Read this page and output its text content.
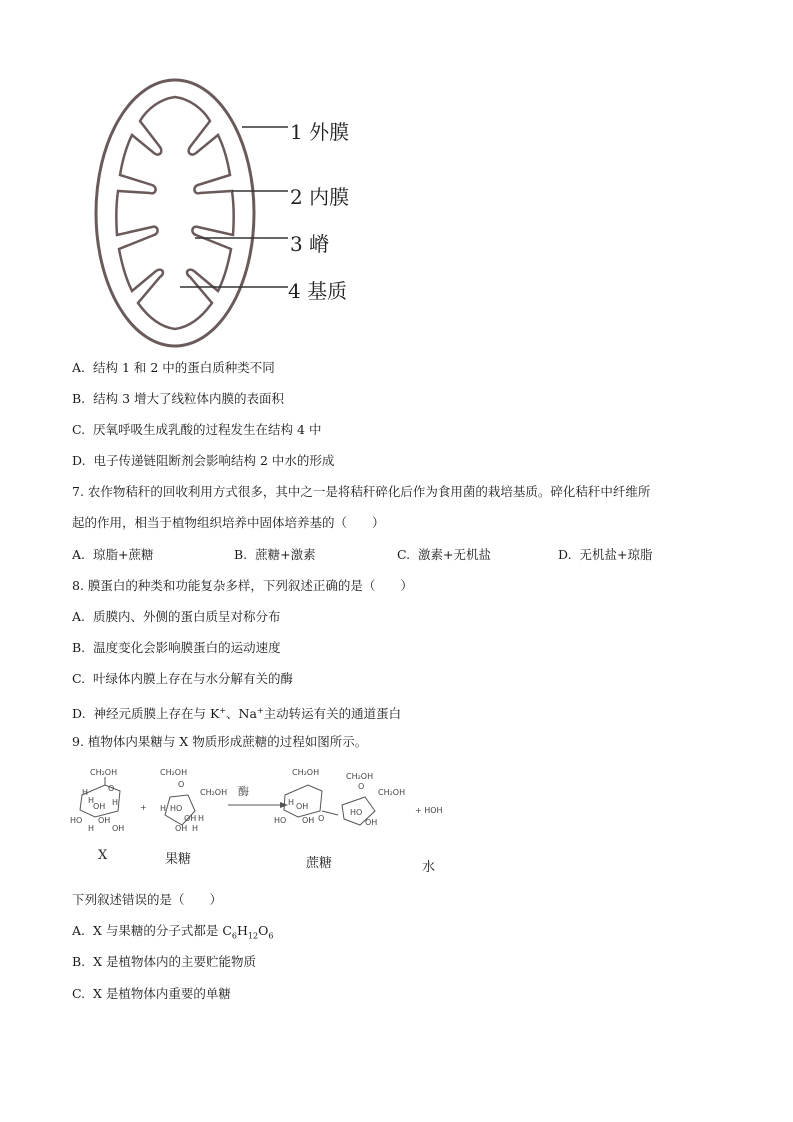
1 外膜
2 内膜
3 嵴
4 基质
A. 结构 1 和 2 中的蛋白质种类不同
B. 结构 3 增大了线粒体内膜的表面积
C. 厌氧呼吸生成乳酸的过程发生在结构 4 中
D. 电子传递链阻断剂会影响结构 2 中水的形成
7. 农作物秸秆的回收利用方式很多，其中之一是将秸秆碎化后作为食用菌的栽培基质。碎化秸秆中纤维所
起的作用，相当于植物组织培养中固体培养基的（　　）
A. 琼脂+蔗糖	B. 蔗糖+激素	C. 激素+无机盐	D. 无机盐+琼脂
8. 膜蛋白的种类和功能复杂多样，下列叙述正确的是（　　）
A. 质膜内、外侧的蛋白质呈对称分布
B. 温度变化会影响膜蛋白的运动速度
C. 叶绿体内膜上存在与水分解有关的酶
D. 神经元质膜上存在与 K+、Na+主动转运有关的通道蛋白
9. 植物体内果糖与 X 物质形成蔗糖的过程如图所示。
CH₂OH
O
H
H
OH H
HO OH
H OH
+
CH₂OH
O
CH₂OH
H HO
OH H
OH H
酶
CH₂OH
H OH
HO OH O
CH₂OH
O
CH₂OH
HO
OH
+ HOH
X	果糖	蔗糖	水
下列叙述错误的是（　　）
A. X 与果糖的分子式都是 $C_6H_{12}O_6$
B. X 是植物体内的主要贮能物质
C. X 是植物体内重要的单糖
